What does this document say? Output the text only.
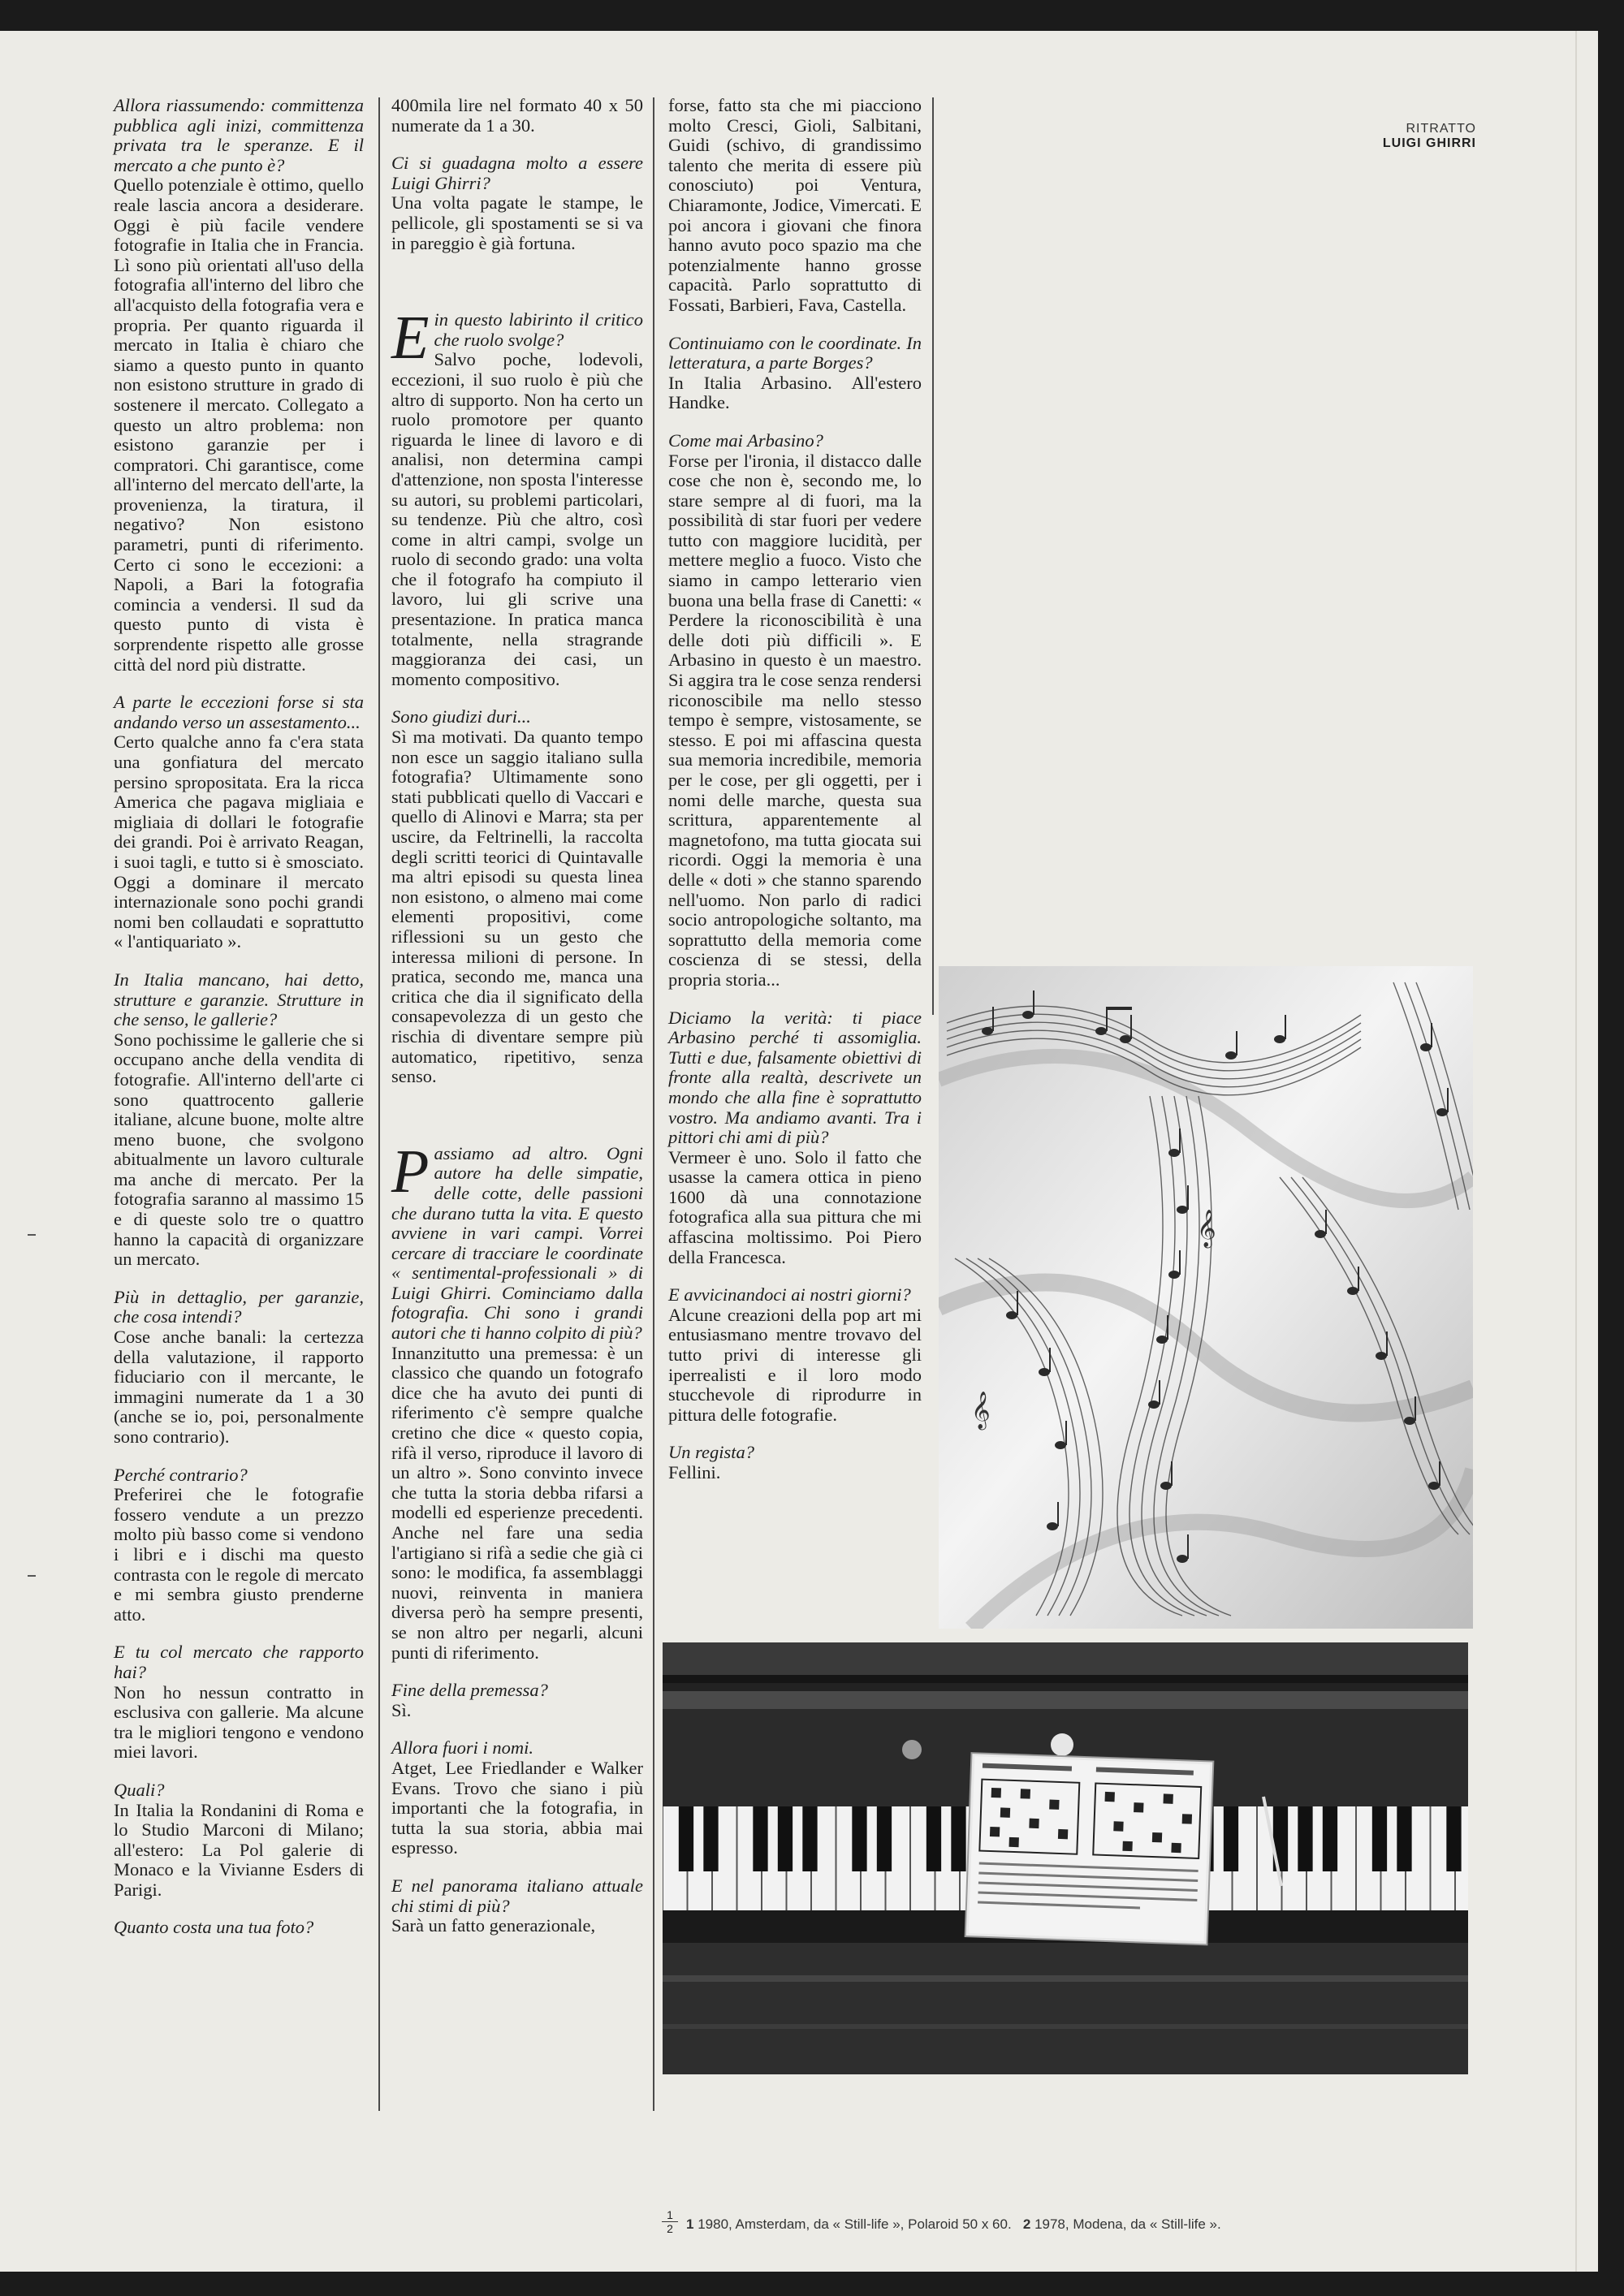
RITRATTO
LUIGI GHIRRI

Allora riassumendo: committenza pubblica agli inizi, committenza privata tra le speranze. E il mercato a che punto è?

Quello potenziale è ottimo, quello reale lascia ancora a desiderare. Oggi è più facile vendere fotografie in Italia che in Francia. Lì sono più orientati all'uso della fotografia all'interno del libro che all'acquisto della fotografia vera e propria. Per quanto riguarda il mercato in Italia è chiaro che siamo a questo punto in quanto non esistono strutture in grado di sostenere il mercato. Collegato a questo un altro problema: non esistono garanzie per i compratori. Chi garantisce, come all'interno del mercato dell'arte, la provenienza, la tiratura, il negativo? Non esistono parametri, punti di riferimento. Certo ci sono le eccezioni: a Napoli, a Bari la fotografia comincia a vendersi. Il sud da questo punto di vista è sorprendente rispetto alle grosse città del nord più distratte.

A parte le eccezioni forse si sta andando verso un assestamento...

Certo qualche anno fa c'era stata una gonfiatura del mercato persino spropositata. Era la ricca America che pagava migliaia e migliaia di dollari le fotografie dei grandi. Poi è arrivato Reagan, i suoi tagli, e tutto si è smosciato. Oggi a dominare il mercato internazionale sono pochi grandi nomi ben collaudati e soprattutto « l'antiquariato ».

In Italia mancano, hai detto, strutture e garanzie. Strutture in che senso, le gallerie?

Sono pochissime le gallerie che si occupano anche della vendita di fotografie. All'interno dell'arte ci sono quattrocento gallerie italiane, alcune buone, molte altre meno buone, che svolgono abitualmente un lavoro culturale ma anche di mercato. Per la fotografia saranno al massimo 15 e di queste solo tre o quattro hanno la capacità di organizzare un mercato.

Più in dettaglio, per garanzie, che cosa intendi?

Cose anche banali: la certezza della valutazione, il rapporto fiduciario con il mercante, le immagini numerate da 1 a 30 (anche se io, poi, personalmente sono contrario).

Perché contrario?

Preferirei che le fotografie fossero vendute a un prezzo molto più basso come si vendono i libri e i dischi ma questo contrasta con le regole di mercato e mi sembra giusto prenderne atto.

E tu col mercato che rapporto hai?

Non ho nessun contratto in esclusiva con gallerie. Ma alcune tra le migliori tengono e vendono miei lavori.

Quali?

In Italia la Rondanini di Roma e lo Studio Marconi di Milano; all'estero: La Pol galerie di Monaco e la Vivianne Esders di Parigi.

Quanto costa una tua foto?

400mila lire nel formato 40 x 50 numerate da 1 a 30.

Ci si guadagna molto a essere Luigi Ghirri?

Una volta pagate le stampe, le pellicole, gli spostamenti se si va in pareggio è già fortuna.

Ein questo labirinto il critico che ruolo svolge?
Salvo poche, lodevoli, eccezioni, il suo ruolo è più che altro di supporto. Non ha certo un ruolo promotore per quanto riguarda le linee di lavoro e di analisi, non determina campi d'attenzione, non sposta l'interesse su autori, su problemi particolari, su tendenze. Più che altro, così come in altri campi, svolge un ruolo di secondo grado: una volta che il fotografo ha compiuto il lavoro, lui gli scrive una presentazione. In pratica manca totalmente, nella stragrande maggioranza dei casi, un momento compositivo.

Sono giudizi duri...

Sì ma motivati. Da quanto tempo non esce un saggio italiano sulla fotografia? Ultimamente sono stati pubblicati quello di Vaccari e quello di Alinovi e Marra; sta per uscire, da Feltrinelli, la raccolta degli scritti teorici di Quintavalle ma altri episodi su questa linea non esistono, o almeno mai come elementi propositivi, come riflessioni su un gesto che interessa milioni di persone. In pratica, secondo me, manca una critica che dia il significato della consapevolezza di un gesto che rischia di diventare sempre più automatico, ripetitivo, senza senso.

Passiamo ad altro. Ogni autore ha delle simpatie, delle cotte, delle passioni che durano tutta la vita. E questo avviene in vari campi. Vorrei cercare di tracciare le coordinate « sentimental-professionali » di Luigi Ghirri. Cominciamo dalla fotografia. Chi sono i grandi autori che ti hanno colpito di più?
Innanzitutto una premessa: è un classico che quando un fotografo dice che ha avuto dei punti di riferimento c'è sempre qualche cretino che dice « questo copia, rifà il verso, riproduce il lavoro di un altro ». Sono convinto invece che tutta la storia debba rifarsi a modelli ed esperienze precedenti. Anche nel fare una sedia l'artigiano si rifà a sedie che già ci sono: le modifica, fa assemblaggi nuovi, reinventa in maniera diversa però ha sempre presenti, se non altro per negarli, alcuni punti di riferimento.

Fine della premessa?

Sì.

Allora fuori i nomi.

Atget, Lee Friedlander e Walker Evans. Trovo che siano i più importanti che la fotografia, in tutta la sua storia, abbia mai espresso.

E nel panorama italiano attuale chi stimi di più?

Sarà un fatto generazionale,

forse, fatto sta che mi piacciono molto Cresci, Gioli, Salbitani, Guidi (schivo, di grandissimo talento che merita di essere più conosciuto) poi Ventura, Chiaramonte, Jodice, Vimercati. E poi ancora i giovani che finora hanno avuto poco spazio ma che potenzialmente hanno grosse capacità. Parlo soprattutto di Fossati, Barbieri, Fava, Castella.

Continuiamo con le coordinate. In letteratura, a parte Borges?

In Italia Arbasino. All'estero Handke.

Come mai Arbasino?

Forse per l'ironia, il distacco dalle cose che non è, secondo me, lo stare sempre al di fuori, ma la possibilità di star fuori per vedere tutto con maggiore lucidità, per mettere meglio a fuoco. Visto che siamo in campo letterario vien buona una bella frase di Canetti: « Perdere la riconoscibilità è una delle doti più difficili ». E Arbasino in questo è un maestro. Si aggira tra le cose senza rendersi riconoscibile ma nello stesso tempo è sempre, vistosamente, se stesso. E poi mi affascina questa sua memoria incredibile, memoria per le cose, per gli oggetti, per i nomi delle marche, questa sua scrittura, apparentemente al magnetofono, ma tutta giocata sui ricordi. Oggi la memoria è una delle « doti » che stanno sparendo nell'uomo. Non parlo di radici socio antropologiche soltanto, ma soprattutto della memoria come coscienza di se stessi, della propria storia...

Diciamo la verità: ti piace Arbasino perché ti assomiglia. Tutti e due, falsamente obiettivi di fronte alla realtà, descrivete un mondo che alla fine è soprattutto vostro. Ma andiamo avanti. Tra i pittori chi ami di più?

Vermeer è uno. Solo il fatto che usasse la camera ottica in pieno 1600 dà una connotazione fotografica alla sua pittura che mi affascina moltissimo. Poi Piero della Francesca.

E avvicinandoci ai nostri giorni?

Alcune creazioni della pop art mi entusiasmano mentre trovavo del tutto privi di interesse gli iperrealisti e il loro modo stucchevole di riprodurre in pittura delle fotografie.

Un regista?

Fellini.

𝄞
𝄞
$\frac{1}{2} 1$ 1980, Amsterdam, da « Still-life », Polaroid 50 x 60. 2 1978, Modena, da « Still-life ».
